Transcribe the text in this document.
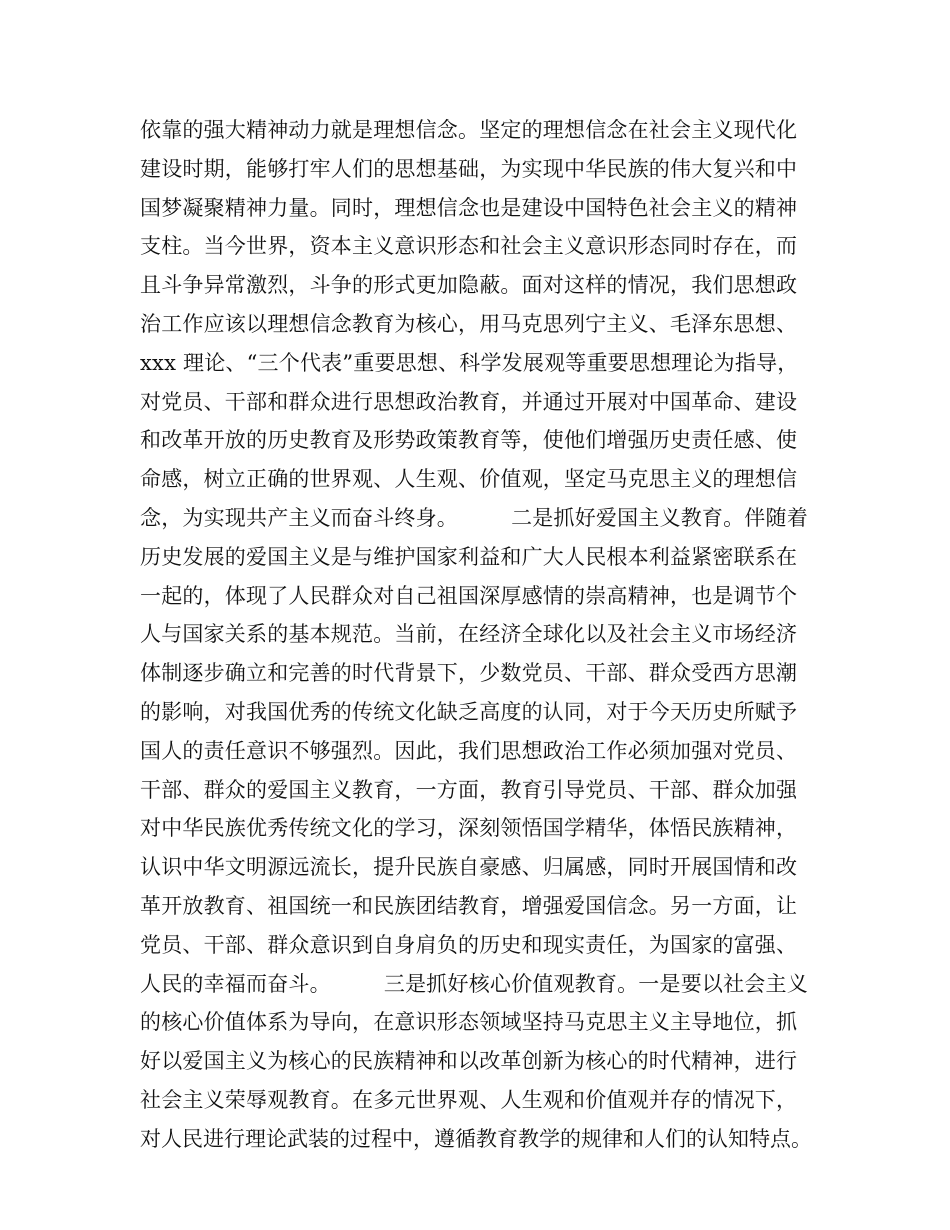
依靠的强大精神动力就是理想信念。坚定的理想信念在社会主义现代化
建设时期，能够打牢人们的思想基础，为实现中华民族的伟大复兴和中
国梦凝聚精神力量。同时，理想信念也是建设中国特色社会主义的精神
支柱。当今世界，资本主义意识形态和社会主义意识形态同时存在，而
且斗争异常激烈，斗争的形式更加隐蔽。面对这样的情况，我们思想政
治工作应该以理想信念教育为核心，用马克思列宁主义、毛泽东思想、
xxx 理论、“三个代表”重要思想、科学发展观等重要思想理论为指导，
对党员、干部和群众进行思想政治教育，并通过开展对中国革命、建设
和改革开放的历史教育及形势政策教育等，使他们增强历史责任感、使
命感，树立正确的世界观、人生观、价值观，坚定马克思主义的理想信
念，为实现共产主义而奋斗终身。　　　二是抓好爱国主义教育。伴随着
历史发展的爱国主义是与维护国家利益和广大人民根本利益紧密联系在
一起的，体现了人民群众对自己祖国深厚感情的崇高精神，也是调节个
人与国家关系的基本规范。当前，在经济全球化以及社会主义市场经济
体制逐步确立和完善的时代背景下，少数党员、干部、群众受西方思潮
的影响，对我国优秀的传统文化缺乏高度的认同，对于今天历史所赋予
国人的责任意识不够强烈。因此，我们思想政治工作必须加强对党员、
干部、群众的爱国主义教育，一方面，教育引导党员、干部、群众加强
对中华民族优秀传统文化的学习，深刻领悟国学精华，体悟民族精神，
认识中华文明源远流长，提升民族自豪感、归属感，同时开展国情和改
革开放教育、祖国统一和民族团结教育，增强爱国信念。另一方面，让
党员、干部、群众意识到自身肩负的历史和现实责任，为国家的富强、
人民的幸福而奋斗。　　　三是抓好核心价值观教育。一是要以社会主义
的核心价值体系为导向，在意识形态领域坚持马克思主义主导地位，抓
好以爱国主义为核心的民族精神和以改革创新为核心的时代精神，进行
社会主义荣辱观教育。在多元世界观、人生观和价值观并存的情况下，
对人民进行理论武装的过程中，遵循教育教学的规律和人们的认知特点。
